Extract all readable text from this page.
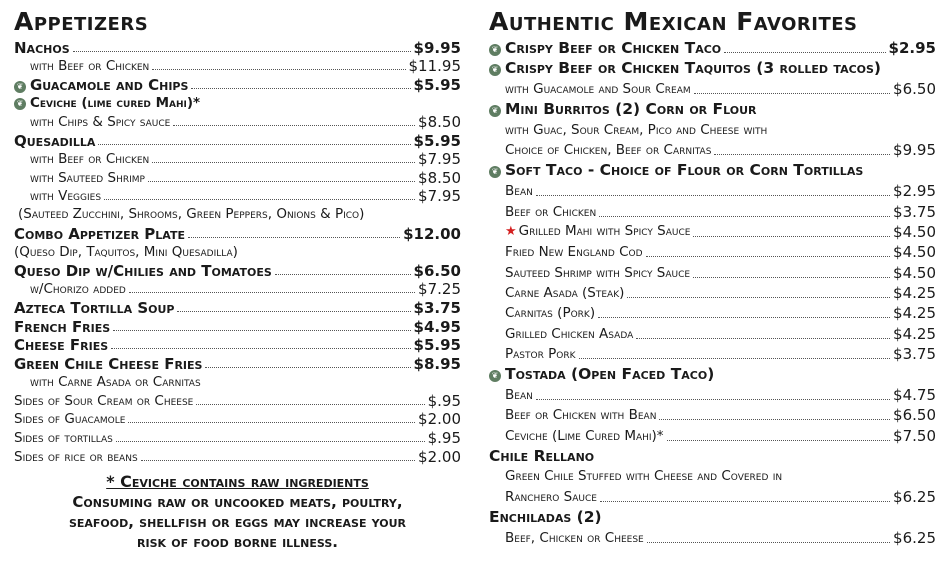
Appetizers
Nachos	$9.95
with Beef or Chicken	$11.95
❦ Guacamole and Chips	$5.95
❦ Ceviche (lime cured Mahi)*
with Chips & Spicy sauce	$8.50
Quesadilla	$5.95
with Beef or Chicken	$7.95
with Sauteed Shrimp	$8.50
with Veggies	$7.95
(Sauteed Zucchini, Shrooms, Green Peppers, Onions & Pico)
Combo Appetizer Plate	$12.00
(Queso Dip, Taquitos, Mini Quesadilla)
Queso Dip w/Chilies and Tomatoes	$6.50
w/Chorizo added	$7.25
Azteca Tortilla Soup	$3.75
French Fries	$4.95
Cheese Fries	$5.95
Green Chile Cheese Fries	$8.95
with Carne Asada or Carnitas
Sides of Sour Cream or Cheese	$.95
Sides of Guacamole	$2.00
Sides of tortillas	$.95
Sides of rice or beans	$2.00
Authentic Mexican Favorites
❦ Crispy Beef or Chicken Taco	$2.95
❦ Crispy Beef or Chicken Taquitos (3 rolled tacos)
with Guacamole and Sour Cream	$6.50
❦ Mini Burritos (2) Corn or Flour
with Guac, Sour Cream, Pico and Cheese with
Choice of Chicken, Beef or Carnitas	$9.95
❦ Soft Taco - Choice of Flour or Corn Tortillas
Bean	$2.95
Beef or Chicken	$3.75
★ Grilled Mahi with Spicy Sauce	$4.50
Fried New England Cod	$4.50
Sauteed Shrimp with Spicy Sauce	$4.50
Carne Asada (Steak)	$4.25
Carnitas (Pork)	$4.25
Grilled Chicken Asada	$4.25
Pastor Pork	$3.75
❦ Tostada (Open Faced Taco)
Bean	$4.75
Beef or Chicken with Bean	$6.50
Ceviche (Lime Cured Mahi)*	$7.50
Chile Rellano
Green Chile Stuffed with Cheese and Covered in
Ranchero Sauce	$6.25
Enchiladas (2)
Beef, Chicken or Cheese	$6.25
* Ceviche contains raw ingredients
Consuming raw or uncooked meats, poultry,
seafood, shellfish or eggs may increase your
risk of food borne illness.
